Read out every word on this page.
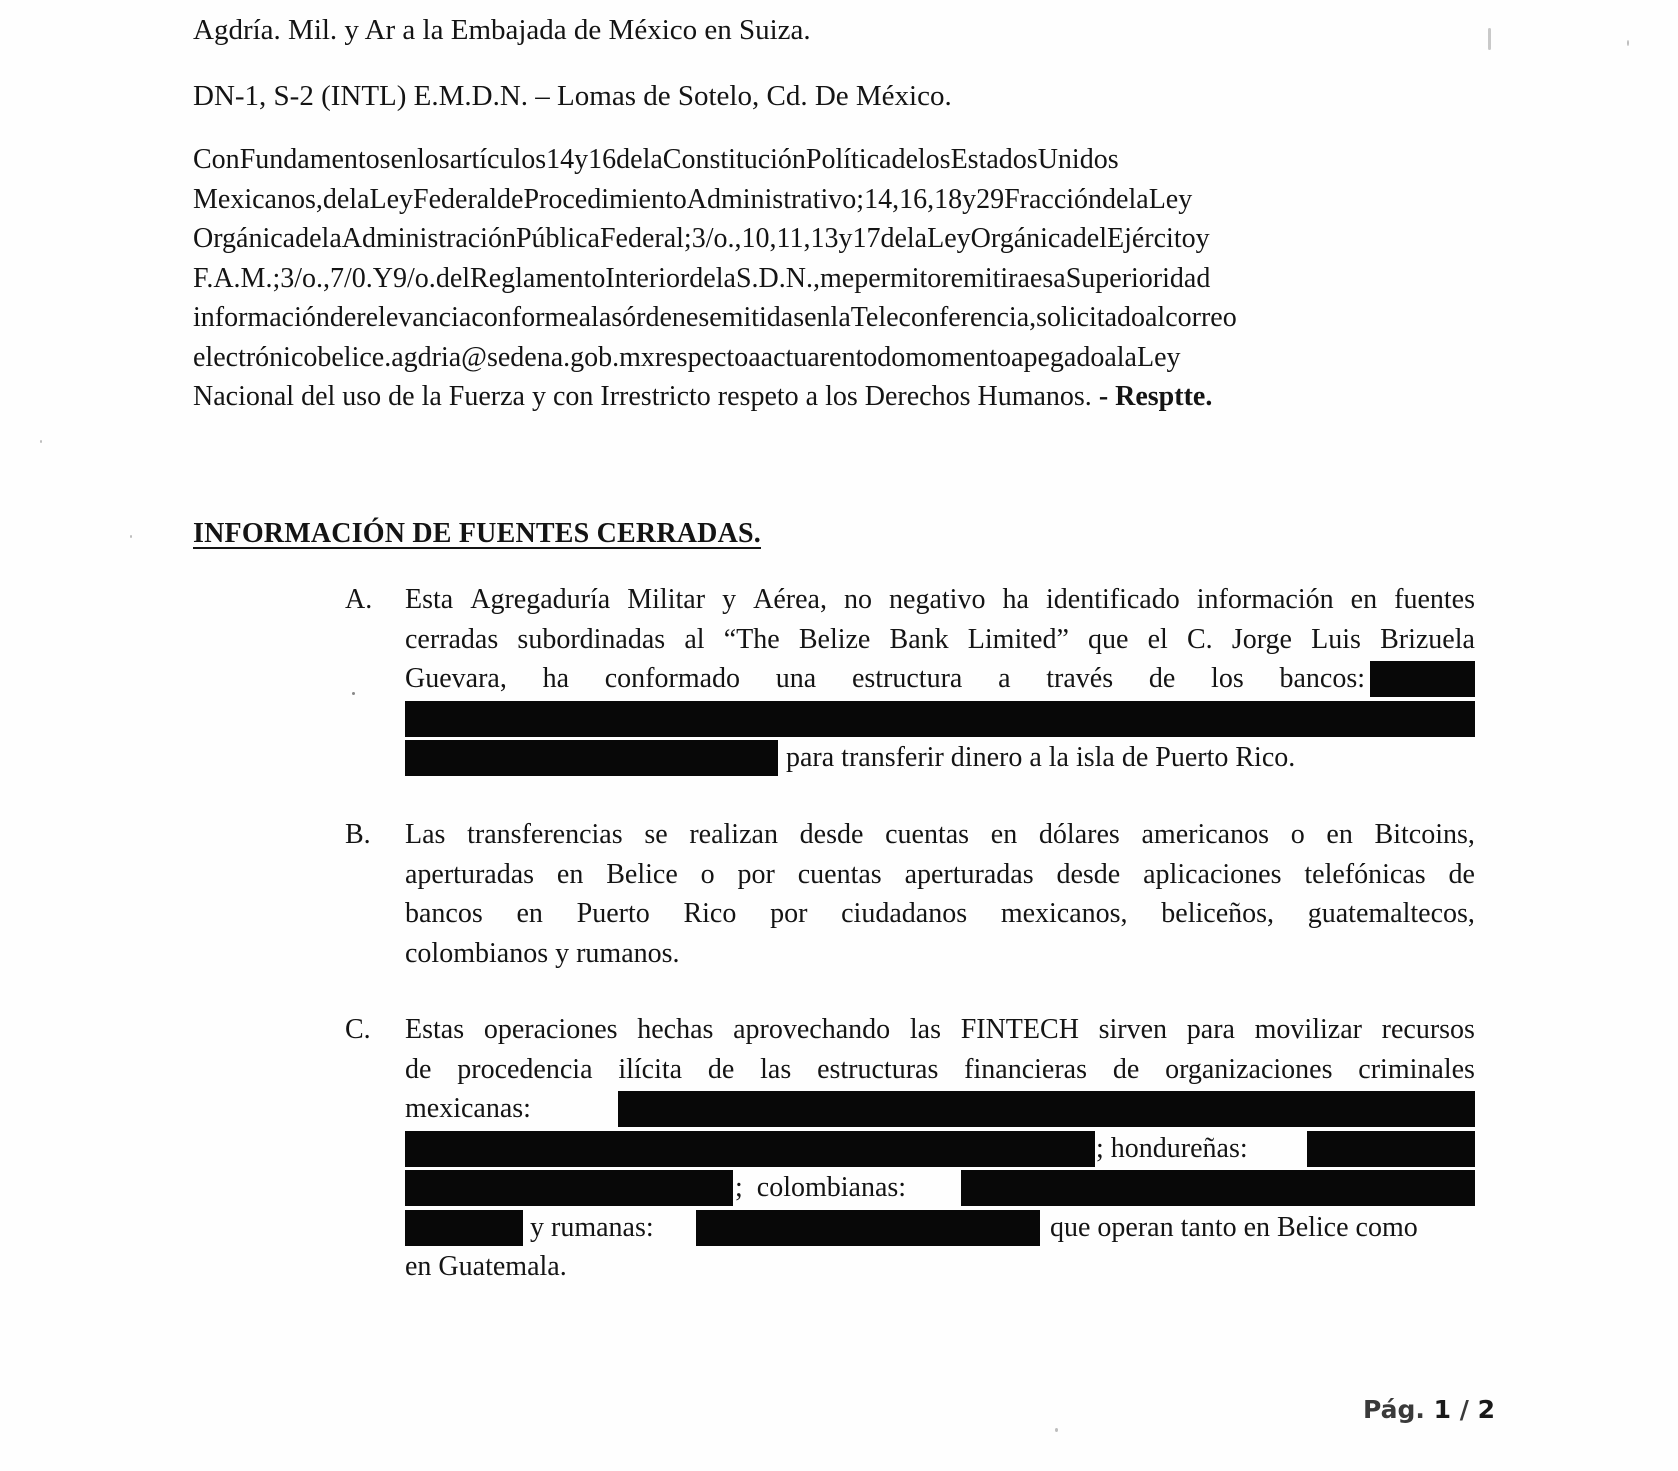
Agdría. Mil. y Ar a la Embajada de México en Suiza.
DN-1, S-2 (INTL) E.M.D.N. – Lomas de Sotelo, Cd. De México.
ConFundamentosenlosartículos14y16delaConstituciónPolíticadelosEstadosUnidos
Mexicanos,delaLeyFederaldeProcedimientoAdministrativo;14,16,18y29FraccióndelaLey
OrgánicadelaAdministraciónPúblicaFederal;3/o.,10,11,13y17delaLeyOrgánicadelEjércitoy
F.A.M.;3/o.,7/0.Y9/o.delReglamentoInteriordelaS.D.N.,mepermitoremitiraesaSuperioridad
informaciónderelevanciaconformealasórdenesemitidasenlaTeleconferencia,solicitadoalcorreo
electrónicobelice.agdria@sedena.gob.mxrespectoaactuarentodomomentoapegadoalaLey
Nacional del uso de la Fuerza y con Irrestricto respeto a los Derechos Humanos. - Resptte.
INFORMACIÓN DE FUENTES CERRADAS.
A. Esta Agregaduría Militar y Aérea, no negativo ha identificado información en fuentes
cerradas subordinadas al “The Belize Bank Limited” que el C. Jorge Luis Brizuela
Guevara, ha conformado una estructura a través de los bancos:
para transferir dinero a la isla de Puerto Rico.
B. Las transferencias se realizan desde cuentas en dólares americanos o en Bitcoins,
aperturadas en Belice o por cuentas aperturadas desde aplicaciones telefónicas de
bancos en Puerto Rico por ciudadanos mexicanos, beliceños, guatemaltecos,
colombianos y rumanos.
C. Estas operaciones hechas aprovechando las FINTECH sirven para movilizar recursos
de procedencia ilícita de las estructuras financieras de organizaciones criminales
mexicanas:
; hondureñas:
;  colombianas:
y rumanas:	que operan tanto en Belice como
en Guatemala.
Pág. 1 / 2
